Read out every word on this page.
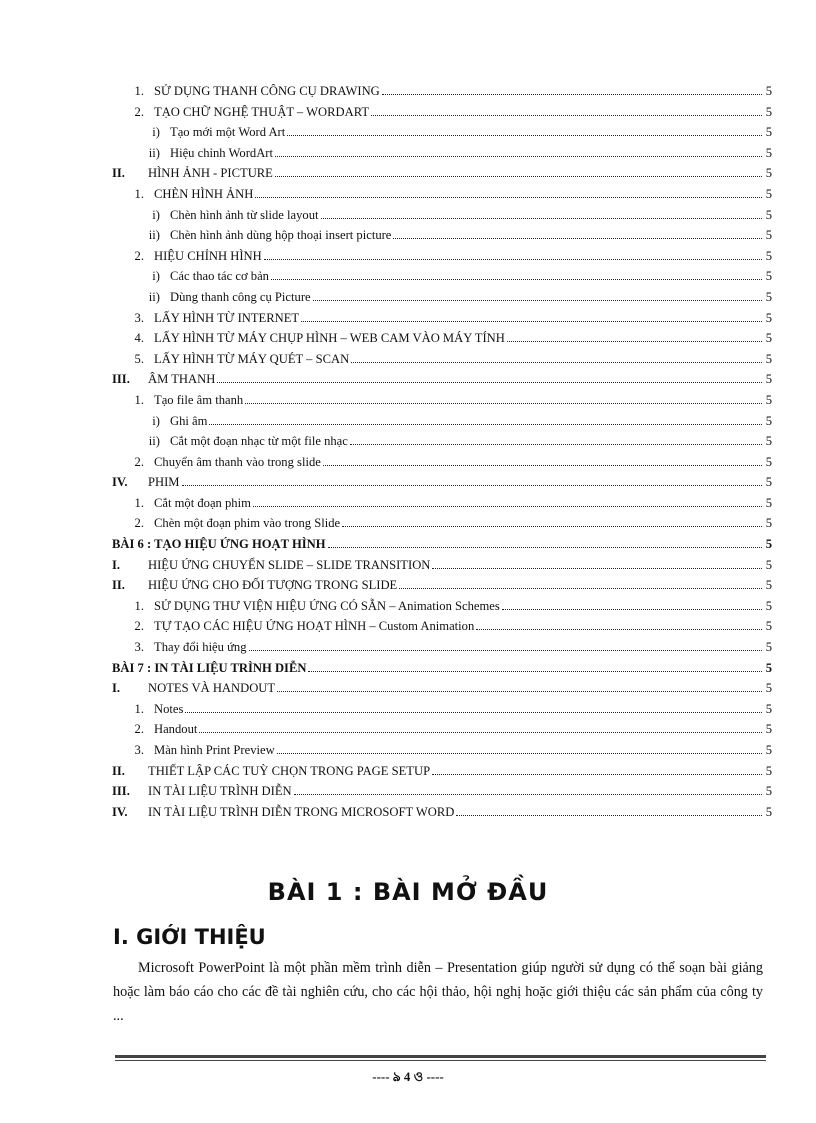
1. SỬ DỤNG THANH CÔNG CỤ DRAWING	5
2. TẠO CHỮ NGHỆ THUẬT – WORDART	5
i) Tạo mới một Word Art	5
ii) Hiệu chỉnh WordArt	5
II.	HÌNH ẢNH - PICTURE	5
1. CHÈN HÌNH ẢNH	5
i) Chèn hình ảnh từ slide layout	5
ii) Chèn hình ảnh dùng hộp thoại insert picture	5
2. HIỆU CHỈNH HÌNH	5
i) Các thao tác cơ bản	5
ii) Dùng thanh công cụ Picture	5
3. LẤY HÌNH TỪ INTERNET	5
4. LẤY HÌNH TỪ MÁY CHỤP HÌNH – WEB CAM VÀO MÁY TÍNH	5
5. LẤY HÌNH TỪ MÁY QUÉT – SCAN	5
III.	ÂM THANH	5
1. Tạo file âm thanh	5
i) Ghi âm	5
ii) Cắt một đoạn nhạc từ một file nhạc	5
2. Chuyển âm thanh vào trong slide	5
IV.	PHIM	5
1. Cắt một đoạn phim	5
2. Chèn một đoạn phim vào trong Slide	5
BÀI 6 : TẠO HIỆU ỨNG HOẠT HÌNH	5
I.	HIỆU ỨNG CHUYỂN SLIDE – SLIDE TRANSITION	5
II.	HIỆU ỨNG CHO ĐỐI TƯỢNG TRONG SLIDE	5
1. SỬ DỤNG THƯ VIỆN HIỆU ỨNG CÓ SẴN – Animation Schemes	5
2. TỰ TẠO CÁC HIỆU ỨNG HOẠT HÌNH – Custom Animation	5
3. Thay đổi hiệu ứng	5
BÀI 7 : IN TÀI LIỆU TRÌNH DIỄN	5
I.	NOTES VÀ HANDOUT	5
1. Notes	5
2. Handout	5
3. Màn hình Print Preview	5
II.	THIẾT LẬP CÁC TUỲ CHỌN TRONG PAGE SETUP	5
III.	IN TÀI LIỆU TRÌNH DIỄN	5
IV.	IN TÀI LIỆU TRÌNH DIỄN TRONG MICROSOFT WORD	5
BÀI 1 : BÀI MỞ ĐẦU
I. GIỚI THIỆU
Microsoft PowerPoint là một phần mềm trình diễn – Presentation giúp người sử dụng có thể soạn bài giảng hoặc làm báo cáo cho các đề tài nghiên cứu, cho các hội thảo, hội nghị hoặc giới thiệu các sản phẩm của công ty ...
---- ঌ 4 ও ----
